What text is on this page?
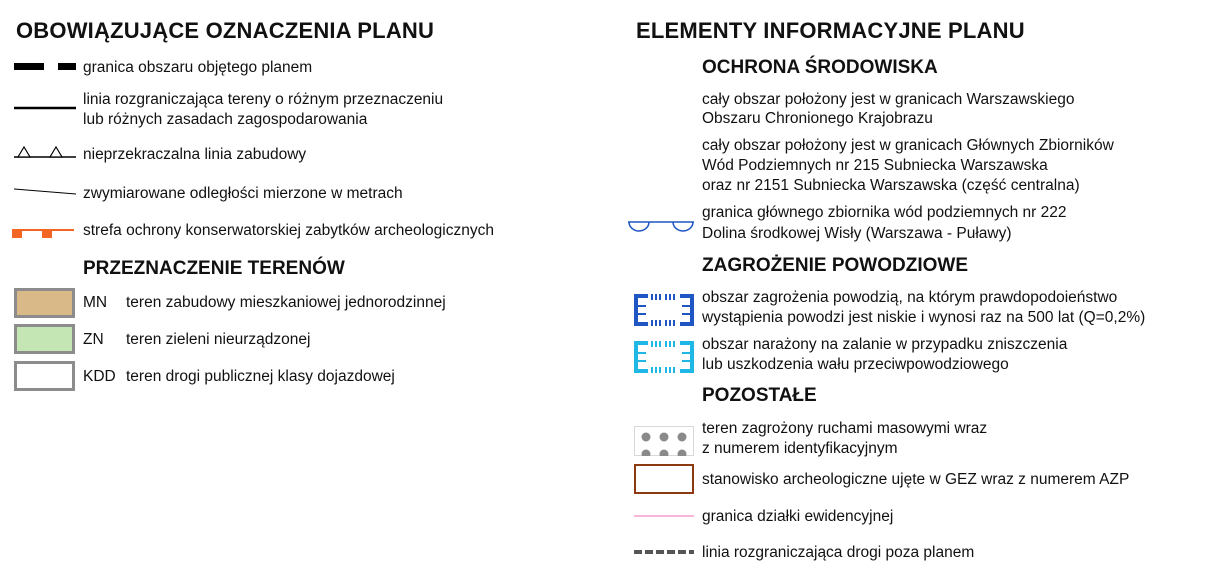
OBOWIĄZUJĄCE OZNACZENIA PLANU
granica obszaru objętego planem
linia rozgraniczająca tereny o różnym przeznaczeniu
lub różnych zasadach zagospodarowania
nieprzekraczalna linia zabudowy
zwymiarowane odległości mierzone w metrach
strefa ochrony konserwatorskiej zabytków archeologicznych
PRZEZNACZENIE TERENÓW
MN teren zabudowy mieszkaniowej jednorodzinnej
ZN teren zieleni nieurządzonej
KDD teren drogi publicznej klasy dojazdowej
ELEMENTY INFORMACYJNE PLANU
OCHRONA ŚRODOWISKA
cały obszar położony jest w granicach Warszawskiego
Obszaru Chronionego Krajobrazu
cały obszar położony jest w granicach Głównych Zbiorników
Wód Podziemnych nr 215 Subniecka Warszawska
oraz nr 2151 Subniecka Warszawska (część centralna)
granica głównego zbiornika wód podziemnych nr 222
Dolina środkowej Wisły (Warszawa - Puławy)
ZAGROŻENIE POWODZIOWE
obszar zagrożenia powodzią, na którym prawdopodoieństwo
wystąpienia powodzi jest niskie i wynosi raz na 500 lat (Q=0,2%)
obszar narażony na zalanie w przypadku zniszczenia
lub uszkodzenia wału przeciwpowodziowego
POZOSTAŁE
teren zagrożony ruchami masowymi wraz
z numerem identyfikacyjnym
stanowisko archeologiczne ujęte w GEZ wraz z numerem AZP
granica działki ewidencyjnej
linia rozgraniczająca drogi poza planem
